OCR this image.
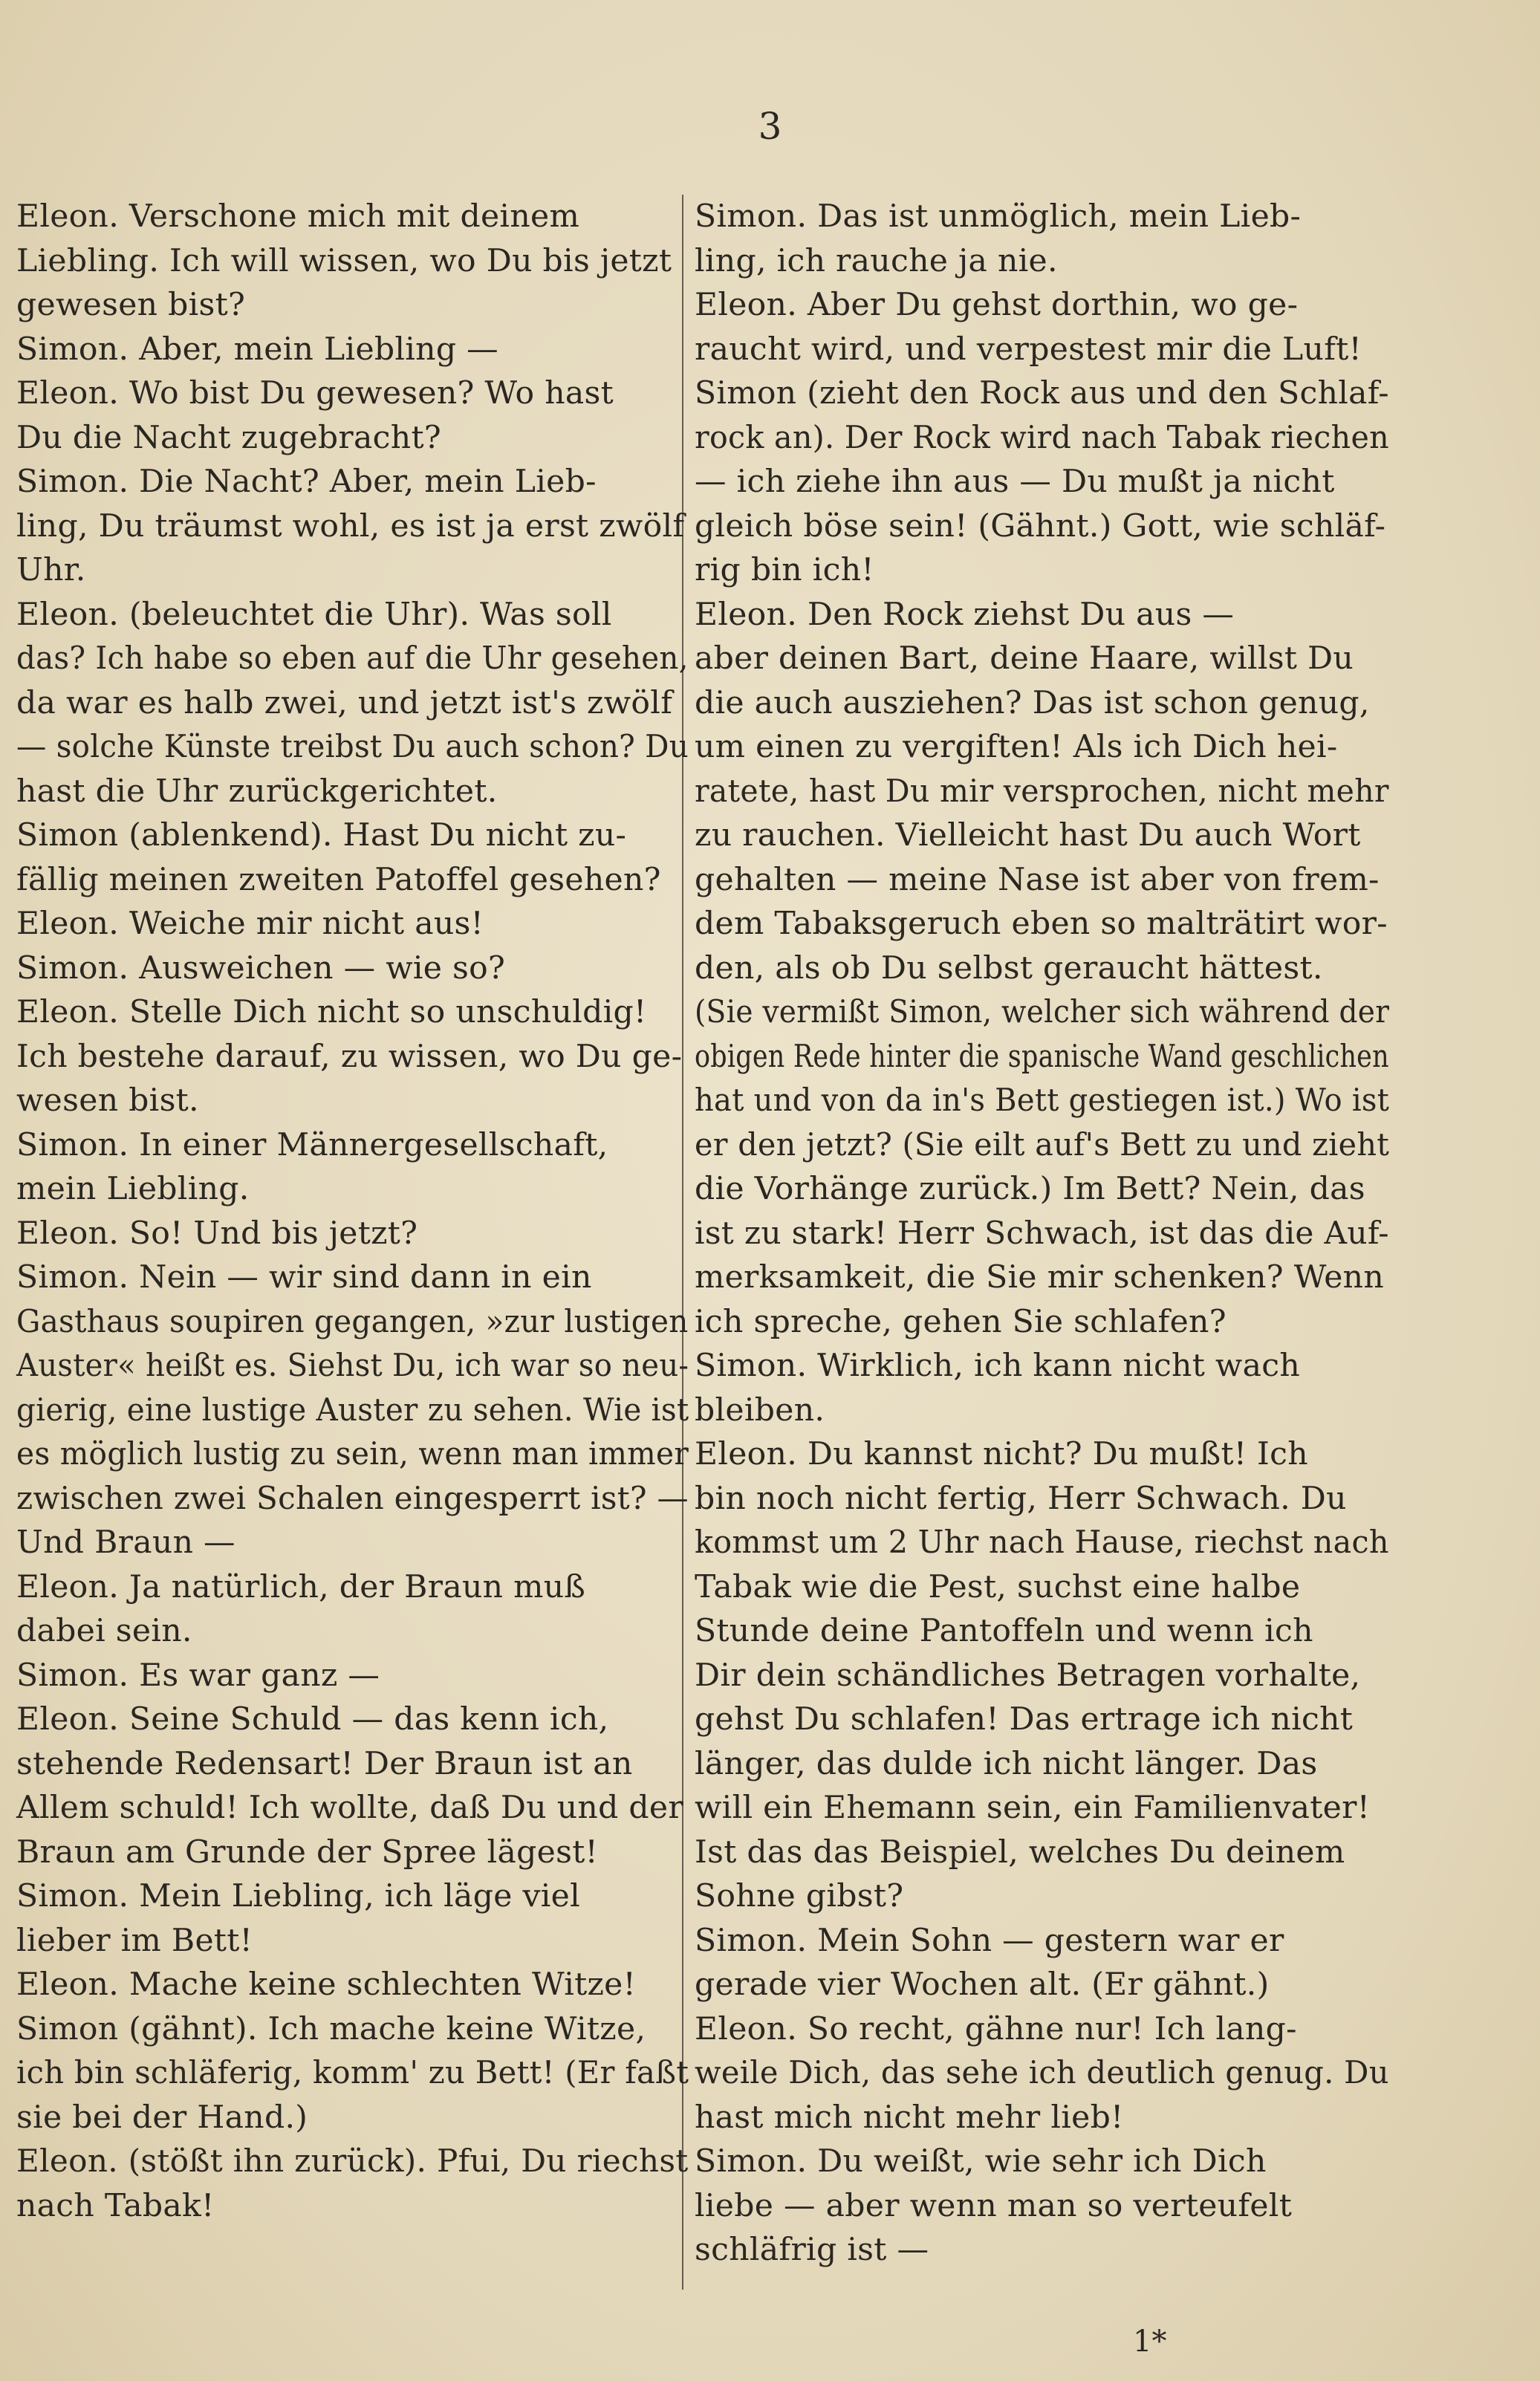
3
Eleon. Verschone mich mit deinem
Liebling. Ich will wissen, wo Du bis jetzt
gewesen bist?
Simon. Aber, mein Liebling —
Eleon. Wo bist Du gewesen? Wo hast
Du die Nacht zugebracht?
Simon. Die Nacht? Aber, mein Lieb-
ling, Du träumst wohl, es ist ja erst zwölf
Uhr.
Eleon. (beleuchtet die Uhr). Was soll
das? Ich habe so eben auf die Uhr gesehen,
da war es halb zwei, und jetzt ist's zwölf
— solche Künste treibst Du auch schon? Du
hast die Uhr zurückgerichtet.
Simon (ablenkend). Hast Du nicht zu-
fällig meinen zweiten Patoffel gesehen?
Eleon. Weiche mir nicht aus!
Simon. Ausweichen — wie so?
Eleon. Stelle Dich nicht so unschuldig!
Ich bestehe darauf, zu wissen, wo Du ge-
wesen bist.
Simon. In einer Männergesellschaft,
mein Liebling.
Eleon. So! Und bis jetzt?
Simon. Nein — wir sind dann in ein
Gasthaus soupiren gegangen, »zur lustigen
Auster« heißt es. Siehst Du, ich war so neu-
gierig, eine lustige Auster zu sehen. Wie ist
es möglich lustig zu sein, wenn man immer
zwischen zwei Schalen eingesperrt ist? —
Und Braun —
Eleon. Ja natürlich, der Braun muß
dabei sein.
Simon. Es war ganz —
Eleon. Seine Schuld — das kenn ich,
stehende Redensart! Der Braun ist an
Allem schuld! Ich wollte, daß Du und der
Braun am Grunde der Spree lägest!
Simon. Mein Liebling, ich läge viel
lieber im Bett!
Eleon. Mache keine schlechten Witze!
Simon (gähnt). Ich mache keine Witze,
ich bin schläferig, komm' zu Bett! (Er faßt
sie bei der Hand.)
Eleon. (stößt ihn zurück). Pfui, Du riechst
nach Tabak!
Simon. Das ist unmöglich, mein Lieb-
ling, ich rauche ja nie.
Eleon. Aber Du gehst dorthin, wo ge-
raucht wird, und verpestest mir die Luft!
Simon (zieht den Rock aus und den Schlaf-
rock an). Der Rock wird nach Tabak riechen
— ich ziehe ihn aus — Du mußt ja nicht
gleich böse sein! (Gähnt.) Gott, wie schläf-
rig bin ich!
Eleon. Den Rock ziehst Du aus —
aber deinen Bart, deine Haare, willst Du
die auch ausziehen? Das ist schon genug,
um einen zu vergiften! Als ich Dich hei-
ratete, hast Du mir versprochen, nicht mehr
zu rauchen. Vielleicht hast Du auch Wort
gehalten — meine Nase ist aber von frem-
dem Tabaksgeruch eben so malträtirt wor-
den, als ob Du selbst geraucht hättest.
(Sie vermißt Simon, welcher sich während der
obigen Rede hinter die spanische Wand geschlichen
hat und von da in's Bett gestiegen ist.) Wo ist
er den jetzt? (Sie eilt auf's Bett zu und zieht
die Vorhänge zurück.) Im Bett? Nein, das
ist zu stark! Herr Schwach, ist das die Auf-
merksamkeit, die Sie mir schenken? Wenn
ich spreche, gehen Sie schlafen?
Simon. Wirklich, ich kann nicht wach
bleiben.
Eleon. Du kannst nicht? Du mußt! Ich
bin noch nicht fertig, Herr Schwach. Du
kommst um 2 Uhr nach Hause, riechst nach
Tabak wie die Pest, suchst eine halbe
Stunde deine Pantoffeln und wenn ich
Dir dein schändliches Betragen vorhalte,
gehst Du schlafen! Das ertrage ich nicht
länger, das dulde ich nicht länger. Das
will ein Ehemann sein, ein Familienvater!
Ist das das Beispiel, welches Du deinem
Sohne gibst?
Simon. Mein Sohn — gestern war er
gerade vier Wochen alt. (Er gähnt.)
Eleon. So recht, gähne nur! Ich lang-
weile Dich, das sehe ich deutlich genug. Du
hast mich nicht mehr lieb!
Simon. Du weißt, wie sehr ich Dich
liebe — aber wenn man so verteufelt
schläfrig ist —
1*
